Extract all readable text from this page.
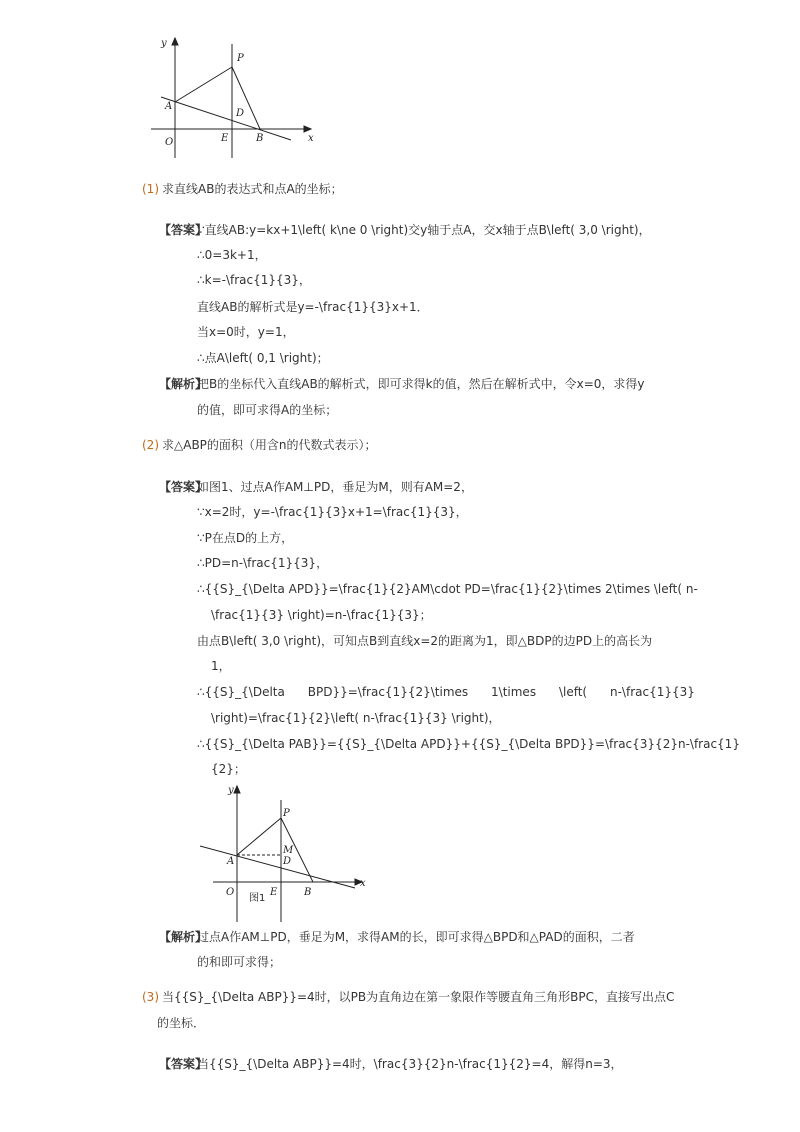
y
x
O
A
P
D
E	B
(1) 求直线AB的表达式和点A的坐标；
【答案】
∵直线AB:y=kx+1\left( k\ne 0 \right)交y轴于点A，交x轴于点B\left( 3,0 \right)，
∴0=3k+1，
∴k=-\frac{1}{3}，
直线AB的解析式是y=-\frac{1}{3}x+1．
当x=0时，y=1，
∴点A\left( 0,1 \right)；
【解析】
把B的坐标代入直线AB的解析式，即可求得k的值，然后在解析式中，令x=0，求得y
的值，即可求得A的坐标；
(2) 求△ABP的面积（用含n的代数式表示）；
【答案】
如图1、过点A作AM⊥PD，垂足为M，则有AM=2，
∵x=2时，y=-\frac{1}{3}x+1=\frac{1}{3}，
∵P在点D的上方，
∴PD=n-\frac{1}{3}，
∴{{S}_{\Delta APD}}=\frac{1}{2}AM\cdot PD=\frac{1}{2}\times 2\times \left( n-
\frac{1}{3} \right)=n-\frac{1}{3}；
由点B\left( 3,0 \right)，可知点B到直线x=2的距离为1，即△BDP的边PD上的高长为
1，
∴{{S}_{\Delta      BPD}}=\frac{1}{2}\times      1\times      \left(      n-\frac{1}{3}
\right)=\frac{1}{2}\left( n-\frac{1}{3} \right)，
∴{{S}_{\Delta PAB}}={{S}_{\Delta APD}}+{{S}_{\Delta BPD}}=\frac{3}{2}n-\frac{1}
{2}；
y
x
O
A
P
M
D
E	B
图1
【解析】
过点A作AM⊥PD，垂足为M，求得AM的长，即可求得△BPD和△PAD的面积，二者
的和即可求得；
(3) 当{{S}_{\Delta ABP}}=4时，以PB为直角边在第一象限作等腰直角三角形BPC，直接写出点C
的坐标．
【答案】
当{{S}_{\Delta ABP}}=4时，\frac{3}{2}n-\frac{1}{2}=4，解得n=3，
